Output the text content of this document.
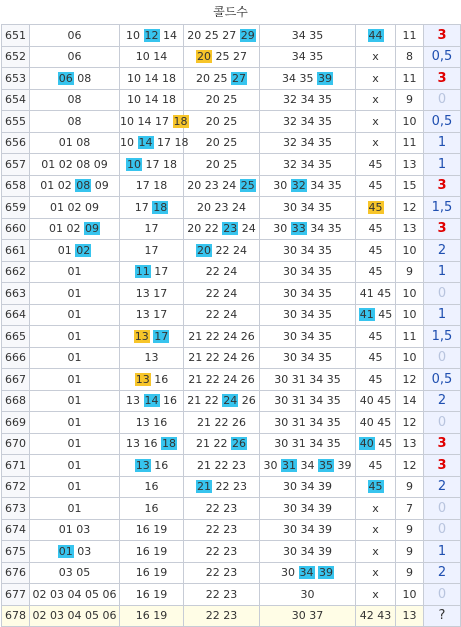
콜드수
651	06	10 12 14	20 25 27 29	34 35	44	11	3
652	06	10 14	20 25 27	34 35	x	8	0,5
653	06 08	10 14 18	20 25 27	34 35 39	x	11	3
654	08	10 14 18	20 25	32 34 35	x	9	0
655	08	10 14 17 18	20 25	32 34 35	x	10	0,5
656	01 08	10 14 17 18	20 25	32 34 35	x	11	1
657	01 02 08 09	10 17 18	20 25	32 34 35	45	13	1
658	01 02 08 09	17 18	20 23 24 25	30 32 34 35	45	15	3
659	01 02 09	17 18	20 23 24	30 34 35	45	12	1,5
660	01 02 09	17	20 22 23 24	30 33 34 35	45	13	3
661	01 02	17	20 22 24	30 34 35	45	10	2
662	01	11 17	22 24	30 34 35	45	9	1
663	01	13 17	22 24	30 34 35	41 45	10	0
664	01	13 17	22 24	30 34 35	41 45	10	1
665	01	13 17	21 22 24 26	30 34 35	45	11	1,5
666	01	13	21 22 24 26	30 34 35	45	10	0
667	01	13 16	21 22 24 26	30 31 34 35	45	12	0,5
668	01	13 14 16	21 22 24 26	30 31 34 35	40 45	14	2
669	01	13 16	21 22 26	30 31 34 35	40 45	12	0
670	01	13 16 18	21 22 26	30 31 34 35	40 45	13	3
671	01	13 16	21 22 23	30 31 34 35 39	45	12	3
672	01	16	21 22 23	30 34 39	45	9	2
673	01	16	22 23	30 34 39	x	7	0
674	01 03	16 19	22 23	30 34 39	x	9	0
675	01 03	16 19	22 23	30 34 39	x	9	1
676	03 05	16 19	22 23	30 34 39	x	9	2
677	02 03 04 05 06	16 19	22 23	30	x	10	0
678	02 03 04 05 06	16 19	22 23	30 37	42 43	13	?
